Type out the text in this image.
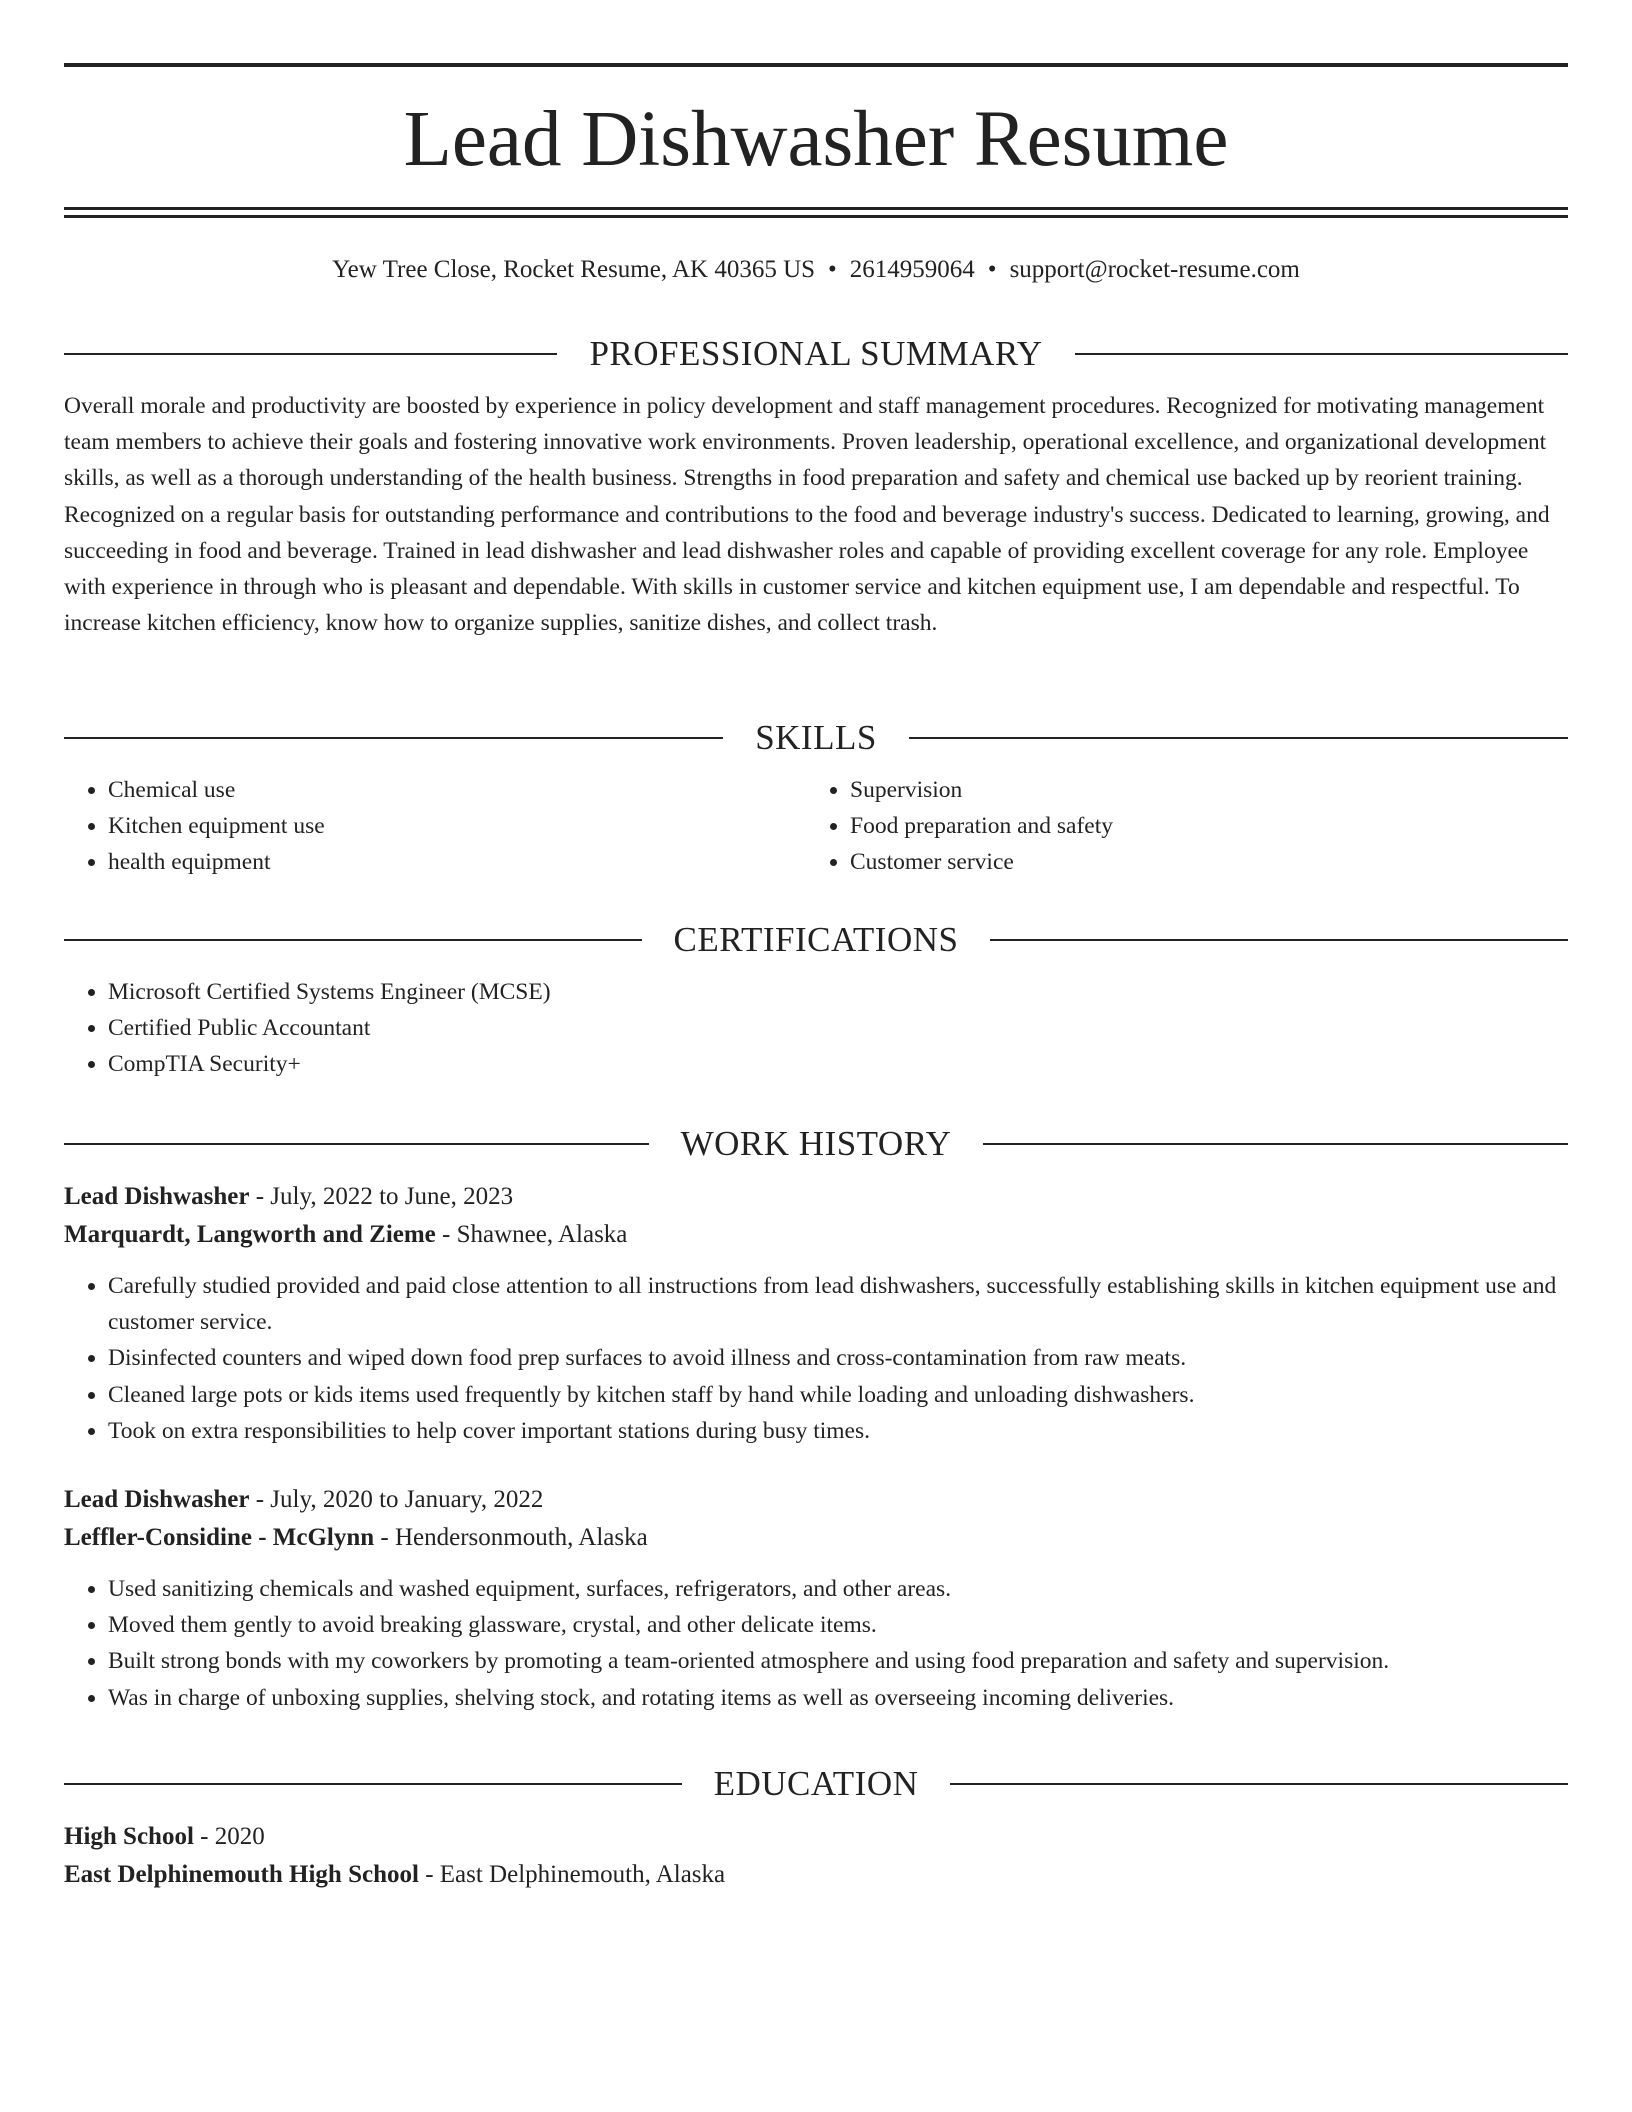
Lead Dishwasher Resume
Yew Tree Close, Rocket Resume, AK 40365 US • 2614959064 • support@rocket-resume.com
PROFESSIONAL SUMMARY

Overall morale and productivity are boosted by experience in policy development and staff management procedures. Recognized for motivating management team members to achieve their goals and fostering innovative work environments. Proven leadership, operational excellence, and organizational development skills, as well as a thorough understanding of the health business. Strengths in food preparation and safety and chemical use backed up by reorient training. Recognized on a regular basis for outstanding performance and contributions to the food and beverage industry's success. Dedicated to learning, growing, and succeeding in food and beverage. Trained in lead dishwasher and lead dishwasher roles and capable of providing excellent coverage for any role. Employee with experience in through who is pleasant and dependable. With skills in customer service and kitchen equipment use, I am dependable and respectful. To increase kitchen efficiency, know how to organize supplies, sanitize dishes, and collect trash.

SKILLS
• Chemical use
• Kitchen equipment use
• health equipment
• Supervision
• Food preparation and safety
• Customer service
CERTIFICATIONS
• Microsoft Certified Systems Engineer (MCSE)
• Certified Public Accountant
• CompTIA Security+
WORK HISTORY

Lead Dishwasher - July, 2022 to June, 2023

Marquardt, Langworth and Zieme - Shawnee, Alaska

• Carefully studied provided and paid close attention to all instructions from lead dishwashers, successfully establishing skills in kitchen equipment use and customer service.
• Disinfected counters and wiped down food prep surfaces to avoid illness and cross-contamination from raw meats.
• Cleaned large pots or kids items used frequently by kitchen staff by hand while loading and unloading dishwashers.
• Took on extra responsibilities to help cover important stations during busy times.

Lead Dishwasher - July, 2020 to January, 2022

Leffler-Considine - McGlynn - Hendersonmouth, Alaska

• Used sanitizing chemicals and washed equipment, surfaces, refrigerators, and other areas.
• Moved them gently to avoid breaking glassware, crystal, and other delicate items.
• Built strong bonds with my coworkers by promoting a team-oriented atmosphere and using food preparation and safety and supervision.
• Was in charge of unboxing supplies, shelving stock, and rotating items as well as overseeing incoming deliveries.
EDUCATION

High School - 2020

East Delphinemouth High School - East Delphinemouth, Alaska
